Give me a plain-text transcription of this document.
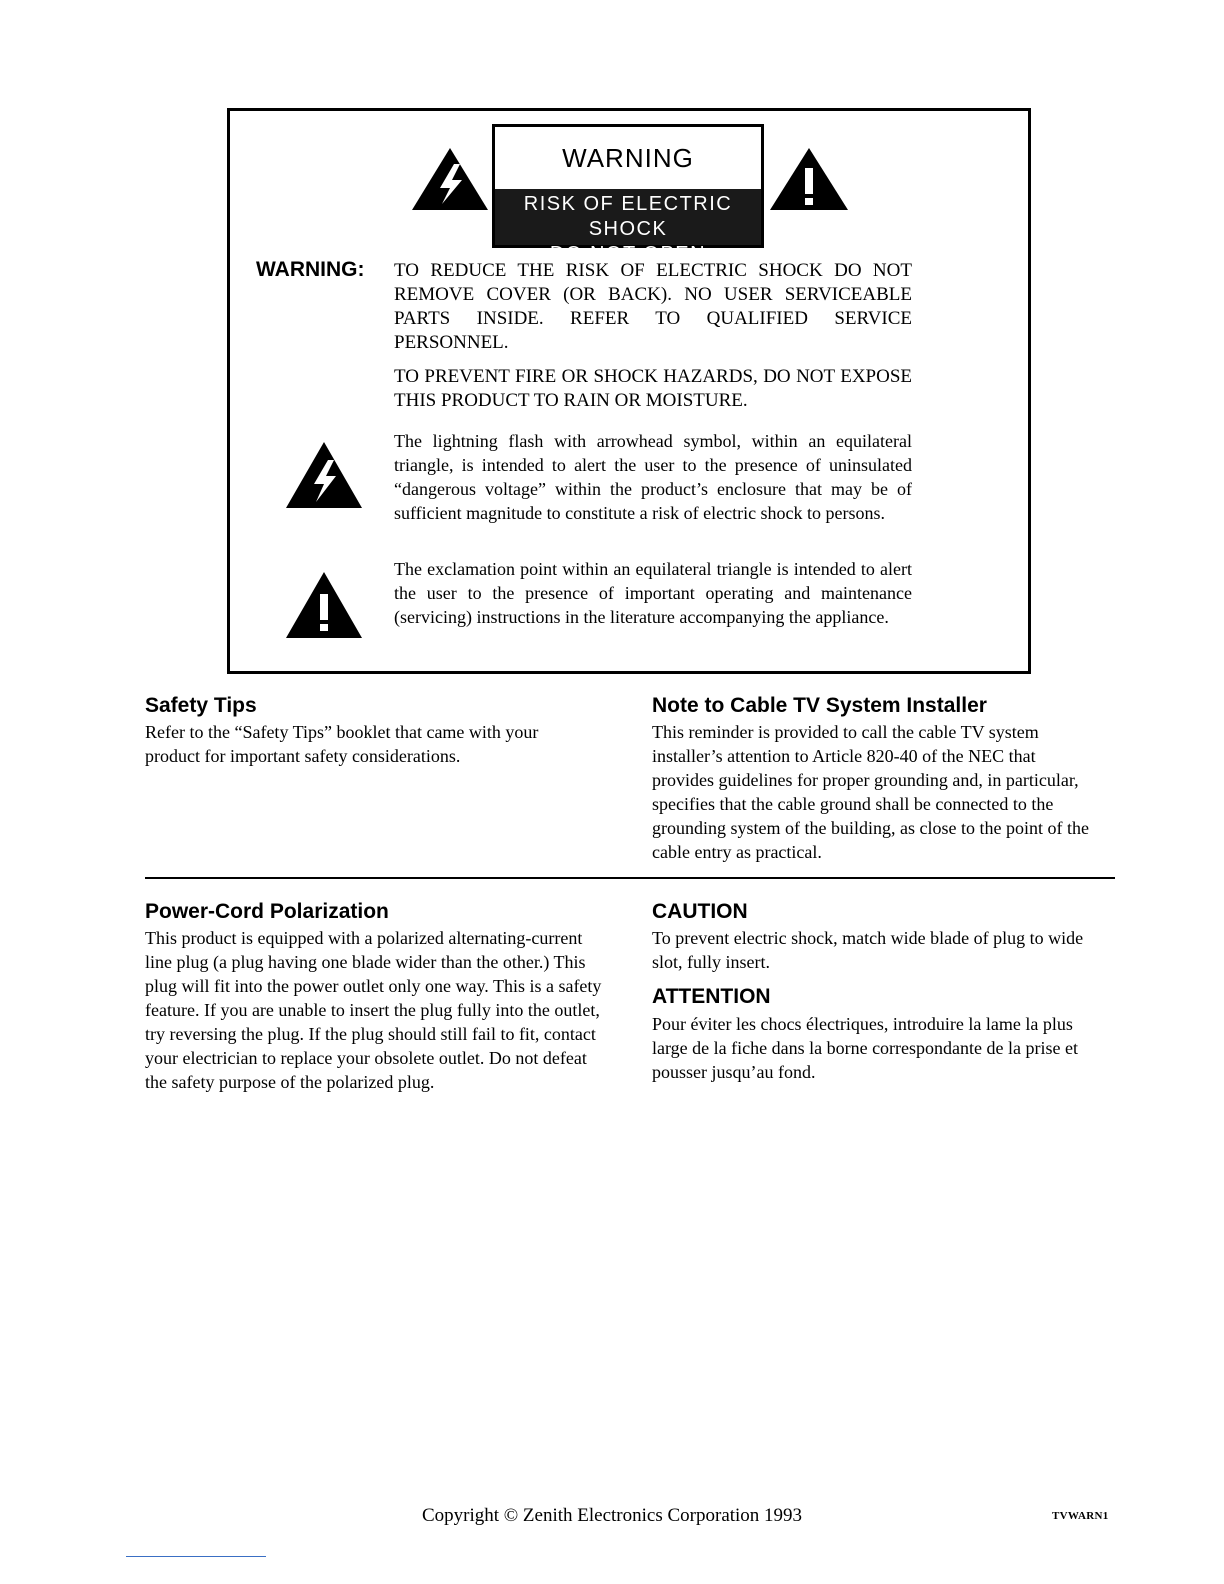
WARNING
RISK OF ELECTRIC SHOCK
DO NOT OPEN
WARNING: TO REDUCE THE RISK OF ELECTRIC SHOCK DO NOT REMOVE COVER (OR BACK). NO USER SERVICEABLE PARTS INSIDE. REFER TO QUALIFIED SERVICE PERSONNEL.
TO PREVENT FIRE OR SHOCK HAZARDS, DO NOT EXPOSE THIS PRODUCT TO RAIN OR MOISTURE.
The lightning flash with arrowhead symbol, within an equilateral triangle, is intended to alert the user to the presence of uninsulated “dangerous voltage” within the product’s enclosure that may be of sufficient magnitude to constitute a risk of electric shock to persons.
The exclamation point within an equilateral triangle is intended to alert the user to the presence of important operating and maintenance (servicing) instructions in the literature accompanying the appliance.
Safety Tips
Refer to the “Safety Tips” booklet that came with your product for important safety considerations.
Note to Cable TV System Installer
This reminder is provided to call the cable TV system installer’s attention to Article 820-40 of the NEC that provides guidelines for proper grounding and, in particular, specifies that the cable ground shall be connected to the grounding system of the building, as close to the point of the cable entry as practical.
Power-Cord Polarization
This product is equipped with a polarized alternating-current line plug (a plug having one blade wider than the other.) This plug will fit into the power outlet only one way. This is a safety feature. If you are unable to insert the plug fully into the outlet, try reversing the plug. If the plug should still fail to fit, contact your electrician to replace your obsolete outlet. Do not defeat the safety purpose of the polarized plug.
CAUTION
To prevent electric shock, match wide blade of plug to wide slot, fully insert.
ATTENTION
Pour éviter les chocs électriques, introduire la lame la plus large de la fiche dans la borne correspondante de la prise et pousser jusqu’au fond.
Copyright © Zenith Electronics Corporation 1993	TVWARN1
